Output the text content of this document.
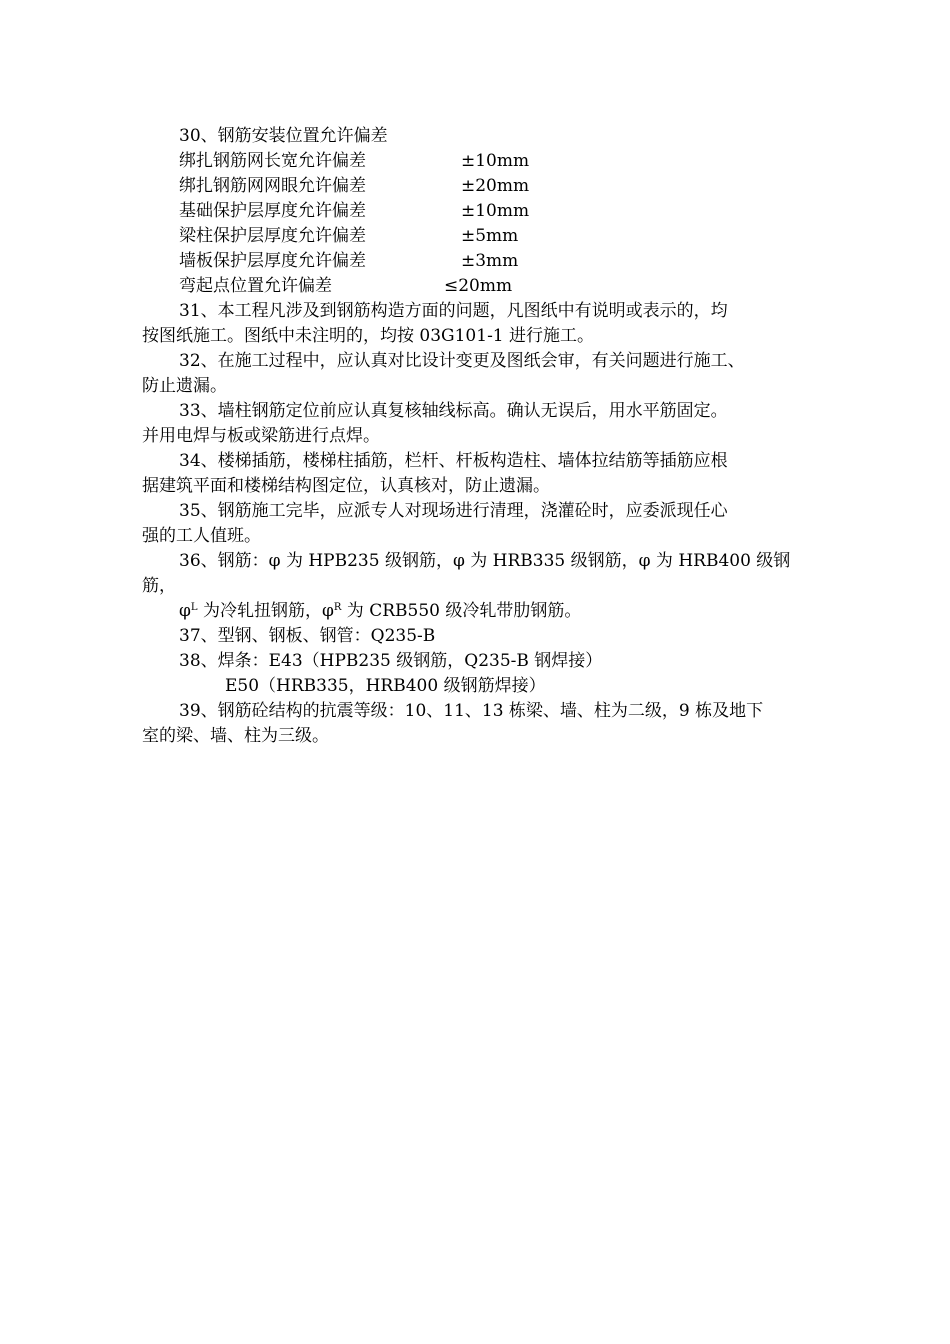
30、钢筋安装位置允许偏差
绑扎钢筋网长宽允许偏差	±10mm
绑扎钢筋网网眼允许偏差	±20mm
基础保护层厚度允许偏差	±10mm
梁柱保护层厚度允许偏差	±5mm
墙板保护层厚度允许偏差	±3mm
弯起点位置允许偏差	≤20mm
31、本工程凡涉及到钢筋构造方面的问题，凡图纸中有说明或表示的，均
按图纸施工。图纸中未注明的，均按 03G101-1 进行施工。
32、在施工过程中，应认真对比设计变更及图纸会审，有关问题进行施工、
防止遗漏。
33、墙柱钢筋定位前应认真复核轴线标高。确认无误后，用水平筋固定。
并用电焊与板或梁筋进行点焊。
34、楼梯插筋，楼梯柱插筋，栏杆、杆板构造柱、墙体拉结筋等插筋应根
据建筑平面和楼梯结构图定位，认真核对，防止遗漏。
35、钢筋施工完毕，应派专人对现场进行清理，浇灌砼时，应委派现任心
强的工人值班。
36、钢筋：φ 为 HPB235 级钢筋，φ 为 HRB335 级钢筋，φ 为 HRB400 级钢
筋，
$\varphi^L$ 为冷轧扭钢筋，$\varphi^R$ 为 CRB550 级冷轧带肋钢筋。
37、型钢、钢板、钢管：Q235-B
38、焊条：E43（HPB235 级钢筋，Q235-B 钢焊接）
E50（HRB335，HRB400 级钢筋焊接）
39、钢筋砼结构的抗震等级：10、11、13 栋梁、墙、柱为二级，9 栋及地下
室的梁、墙、柱为三级。
